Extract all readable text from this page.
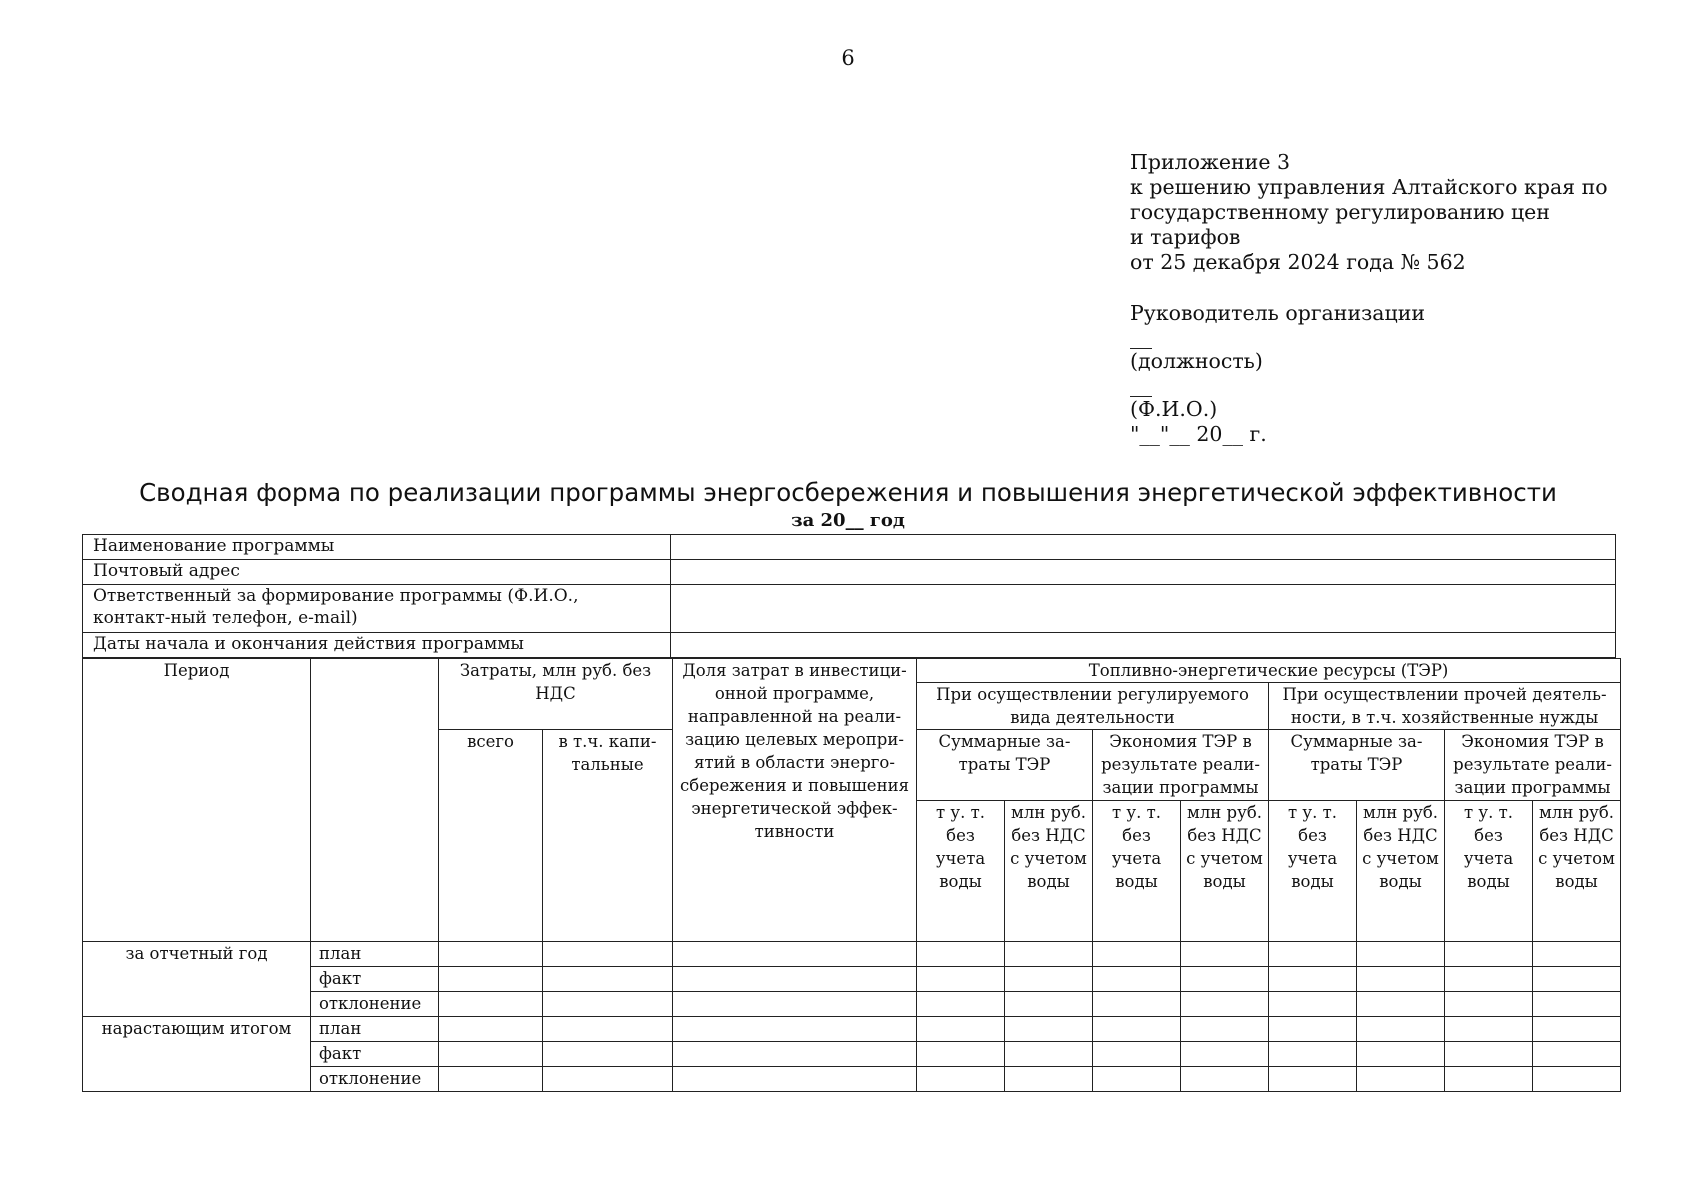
6
Приложение 3
к решению управления Алтайского края по
государственному регулированию цен
и тарифов
от 25 декабря 2024 года № 562
Руководитель организации
(должность)
(Ф.И.О.)
"__"__ 20__ г.
Сводная форма по реализации программы энергосбережения и повышения энергетической эффективности
за 20__ год
Наименование программы	
Почтовый адрес	
Ответственный за формирование программы (Ф.И.О., контакт-ный телефон, e-mail)	
Даты начала и окончания действия программы	
Период		Затраты, млн руб. без НДС		Доля затрат в инвестици-онной программе, направленной на реали-зацию целевых меропри-ятий в области энерго-сбережения и повышения энергетической эффек-тивности	Топливно-энергетические ресурсы (ТЭР)							
					При осуществлении регулируемого вида деятельности				При осуществлении прочей деятель-ности, в т.ч. хозяйственные нужды			
		всего	в т.ч. капи-тальные		Суммарные за-траты ТЭР		Экономия ТЭР в результате реали-зации программы		Суммарные за-траты ТЭР		Экономия ТЭР в результате реали-зации программы	
					т у. т. без учета воды	млн руб. без НДС с учетом воды	т у. т. без учета воды	млн руб. без НДС с учетом воды	т у. т. без учета воды	млн руб. без НДС с учетом воды	т у. т. без учета воды	млн руб. без НДС с учетом воды
за отчетный год	план											
	факт											
	отклонение											
нарастающим итогом	план											
	факт											
	отклонение											
